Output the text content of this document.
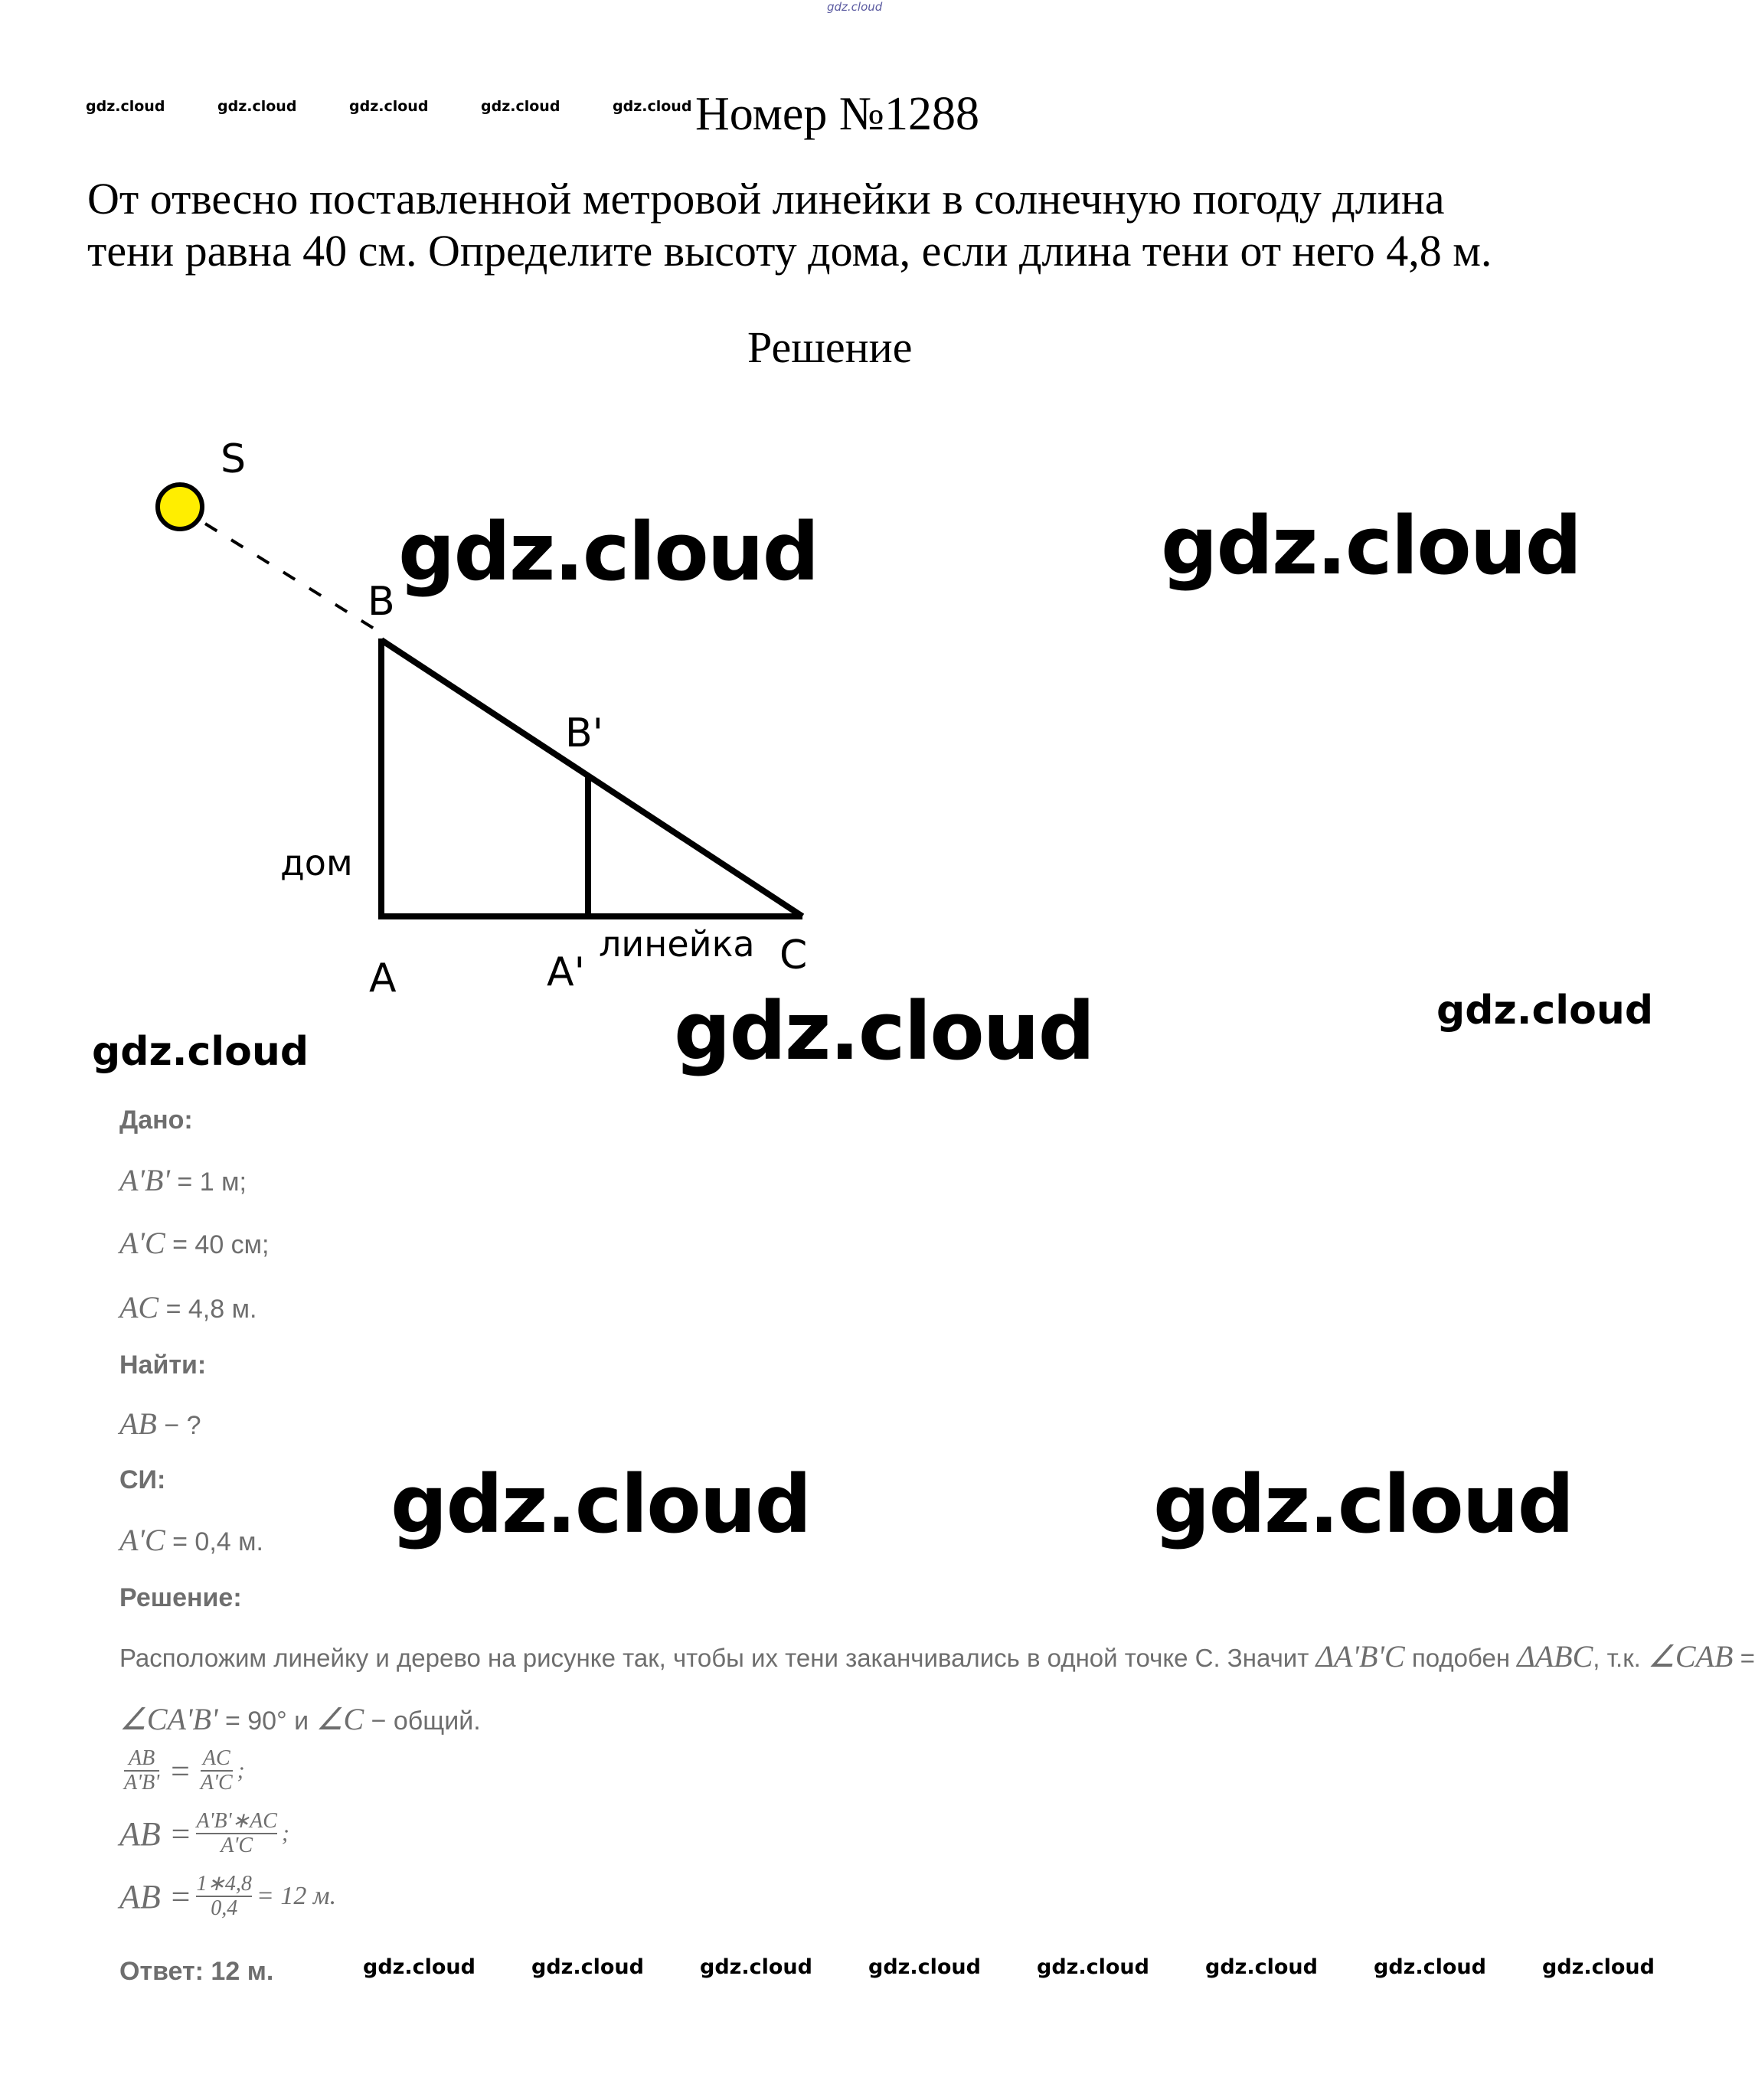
gdz.cloud
gdz.cloud	gdz.cloud	gdz.cloud	gdz.cloud	gdz.cloud Номер №1288
От отвесно поставленной метровой линейки в солнечную погоду длина
тени равна 40 см. Определите высоту дома, если длина тени от него 4,8 м.
Решение
S
B
B'
дом
линейка
A	A'	C
gdz.cloud	gdz.cloud
gdz.cloud	gdz.cloud
gdz.cloud
Дано:
A'B' = 1 м;
A'C = 40 см;
AC = 4,8 м.
Найти:
AB − ?
СИ:
A'C = 0,4 м. gdz.cloud	gdz.cloud
Решение:
Расположим линейку и дерево на рисунке так, чтобы их тени заканчивались в одной точке С. Значит ΔA'B'C подобен ΔABC, т.к. ∠CAB =
∠CA'B' = 90° и ∠C − общий.
$\frac{AB}{A'B'} = \frac{AC}{A'C}$ ;
AB = $\frac{A'B'∗AC}{A'C}$ ;
AB = $\frac{1∗4,8}{0,4} = 12$ м.
Ответ: 12 м.	gdz.cloud	gdz.cloud	gdz.cloud	gdz.cloud	gdz.cloud	gdz.cloud	gdz.cloud	gdz.cloud
